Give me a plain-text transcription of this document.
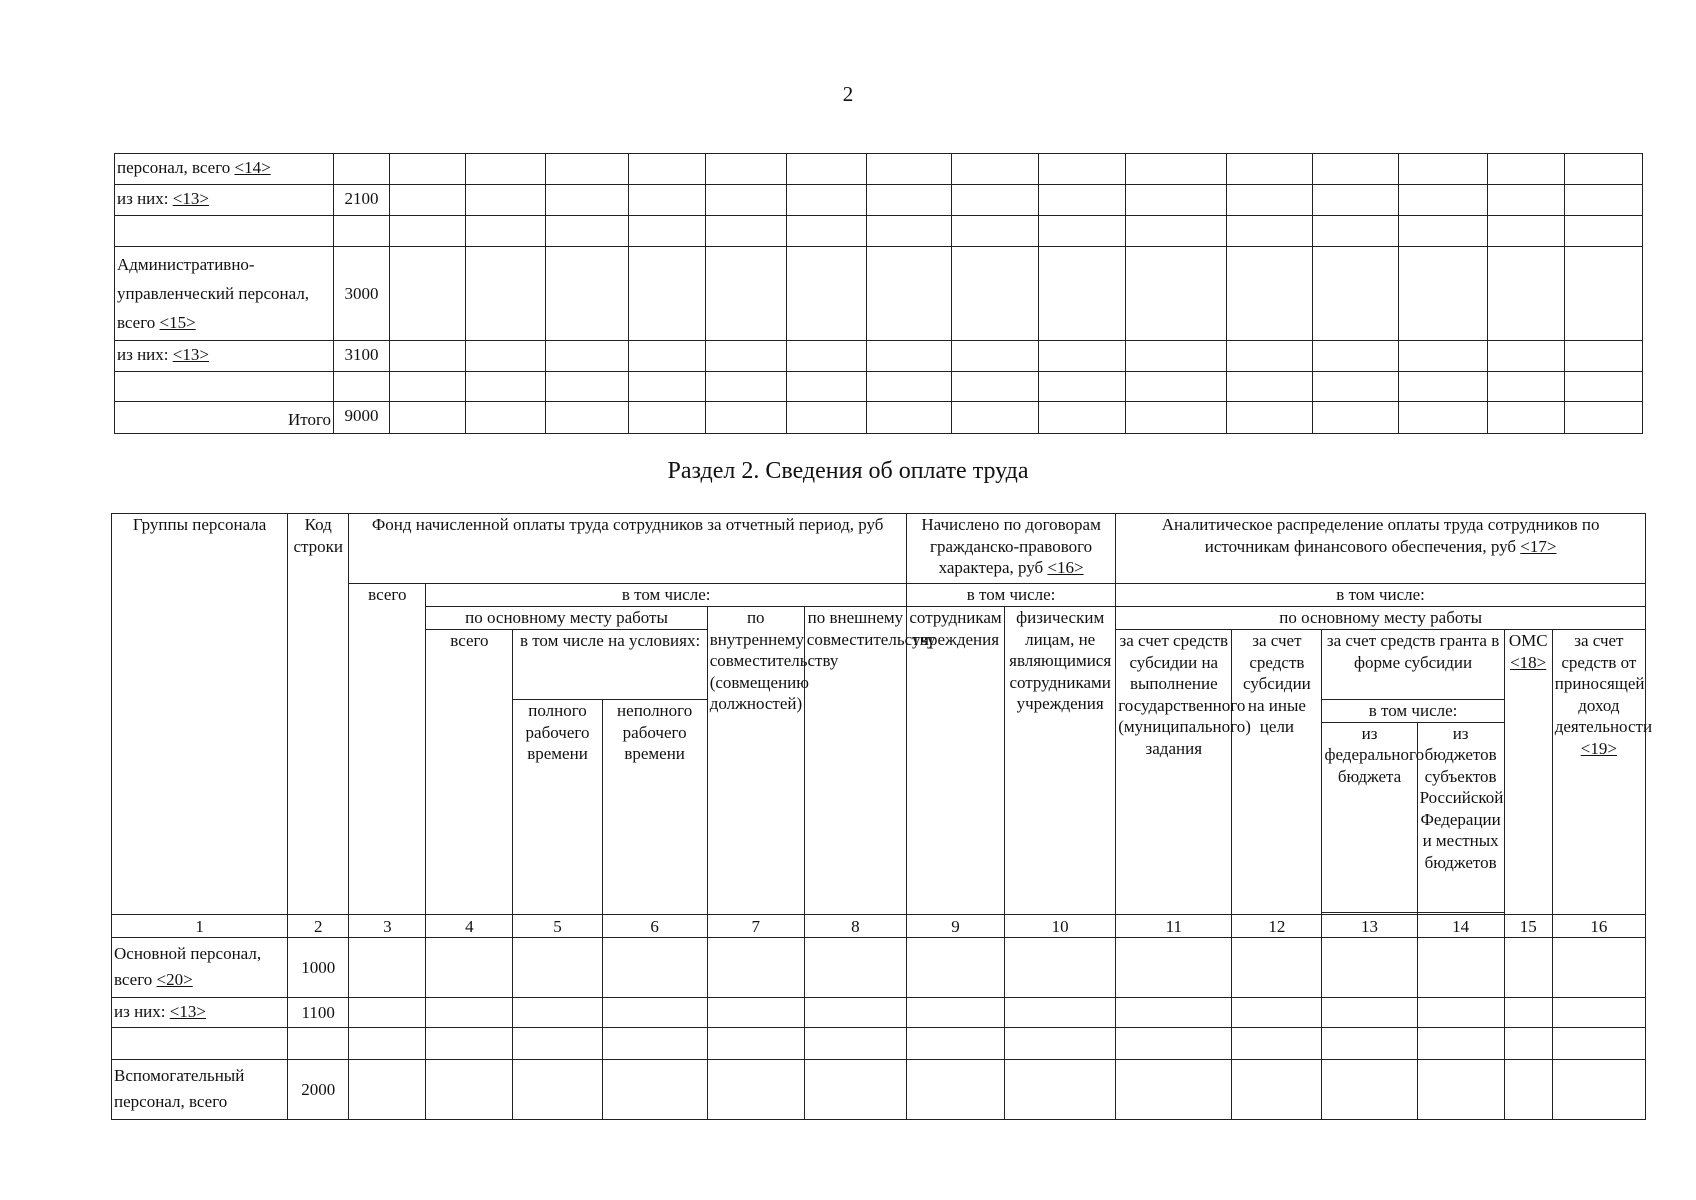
2
персонал, всего <14>																
из них: <13>	2100															

Административно-управленческий персонал, всего <15>	3000															
из них: <13>	3100															

Итого	9000															
Раздел 2. Сведения об оплате труда
Группы персонала	Код строки	Фонд начисленной оплаты труда сотрудников за отчетный период, руб						Начислено по договорам гражданско-правового характера, руб <16>		Аналитическое распределение оплаты труда сотрудников по источникам финансового обеспечения, руб <17>					
		всего	в том числе:					в том числе:		в том числе:					
			по основному месту работы			по внутреннему совместительству (совмещению должностей)	по внешнему совместительству	сотрудникам учреждения	физическим лицам, не являющимися сотрудниками учреждения	по основному месту работы					
			всего	в том числе на условиях:						за счет средств субсидии на выполнение государственного (муниципального) задания	за счет средств субсидии на иные цели	за счет средств гранта в форме субсидии		ОМС <18>	за счет средств от приносящей доход деятельности <19>
				полного рабочего времени	неполного рабочего времени							в том числе:			
												из федерального бюджета	из бюджетов субъектов Российской Федерации и местных бюджетов		

1	2	3	4	5	6	7	8	9	10	11	12	13	14	15	16
Основной персонал, всего <20>	1000														
из них: <13>	1100														

Вспомогательный персонал, всего	2000														
